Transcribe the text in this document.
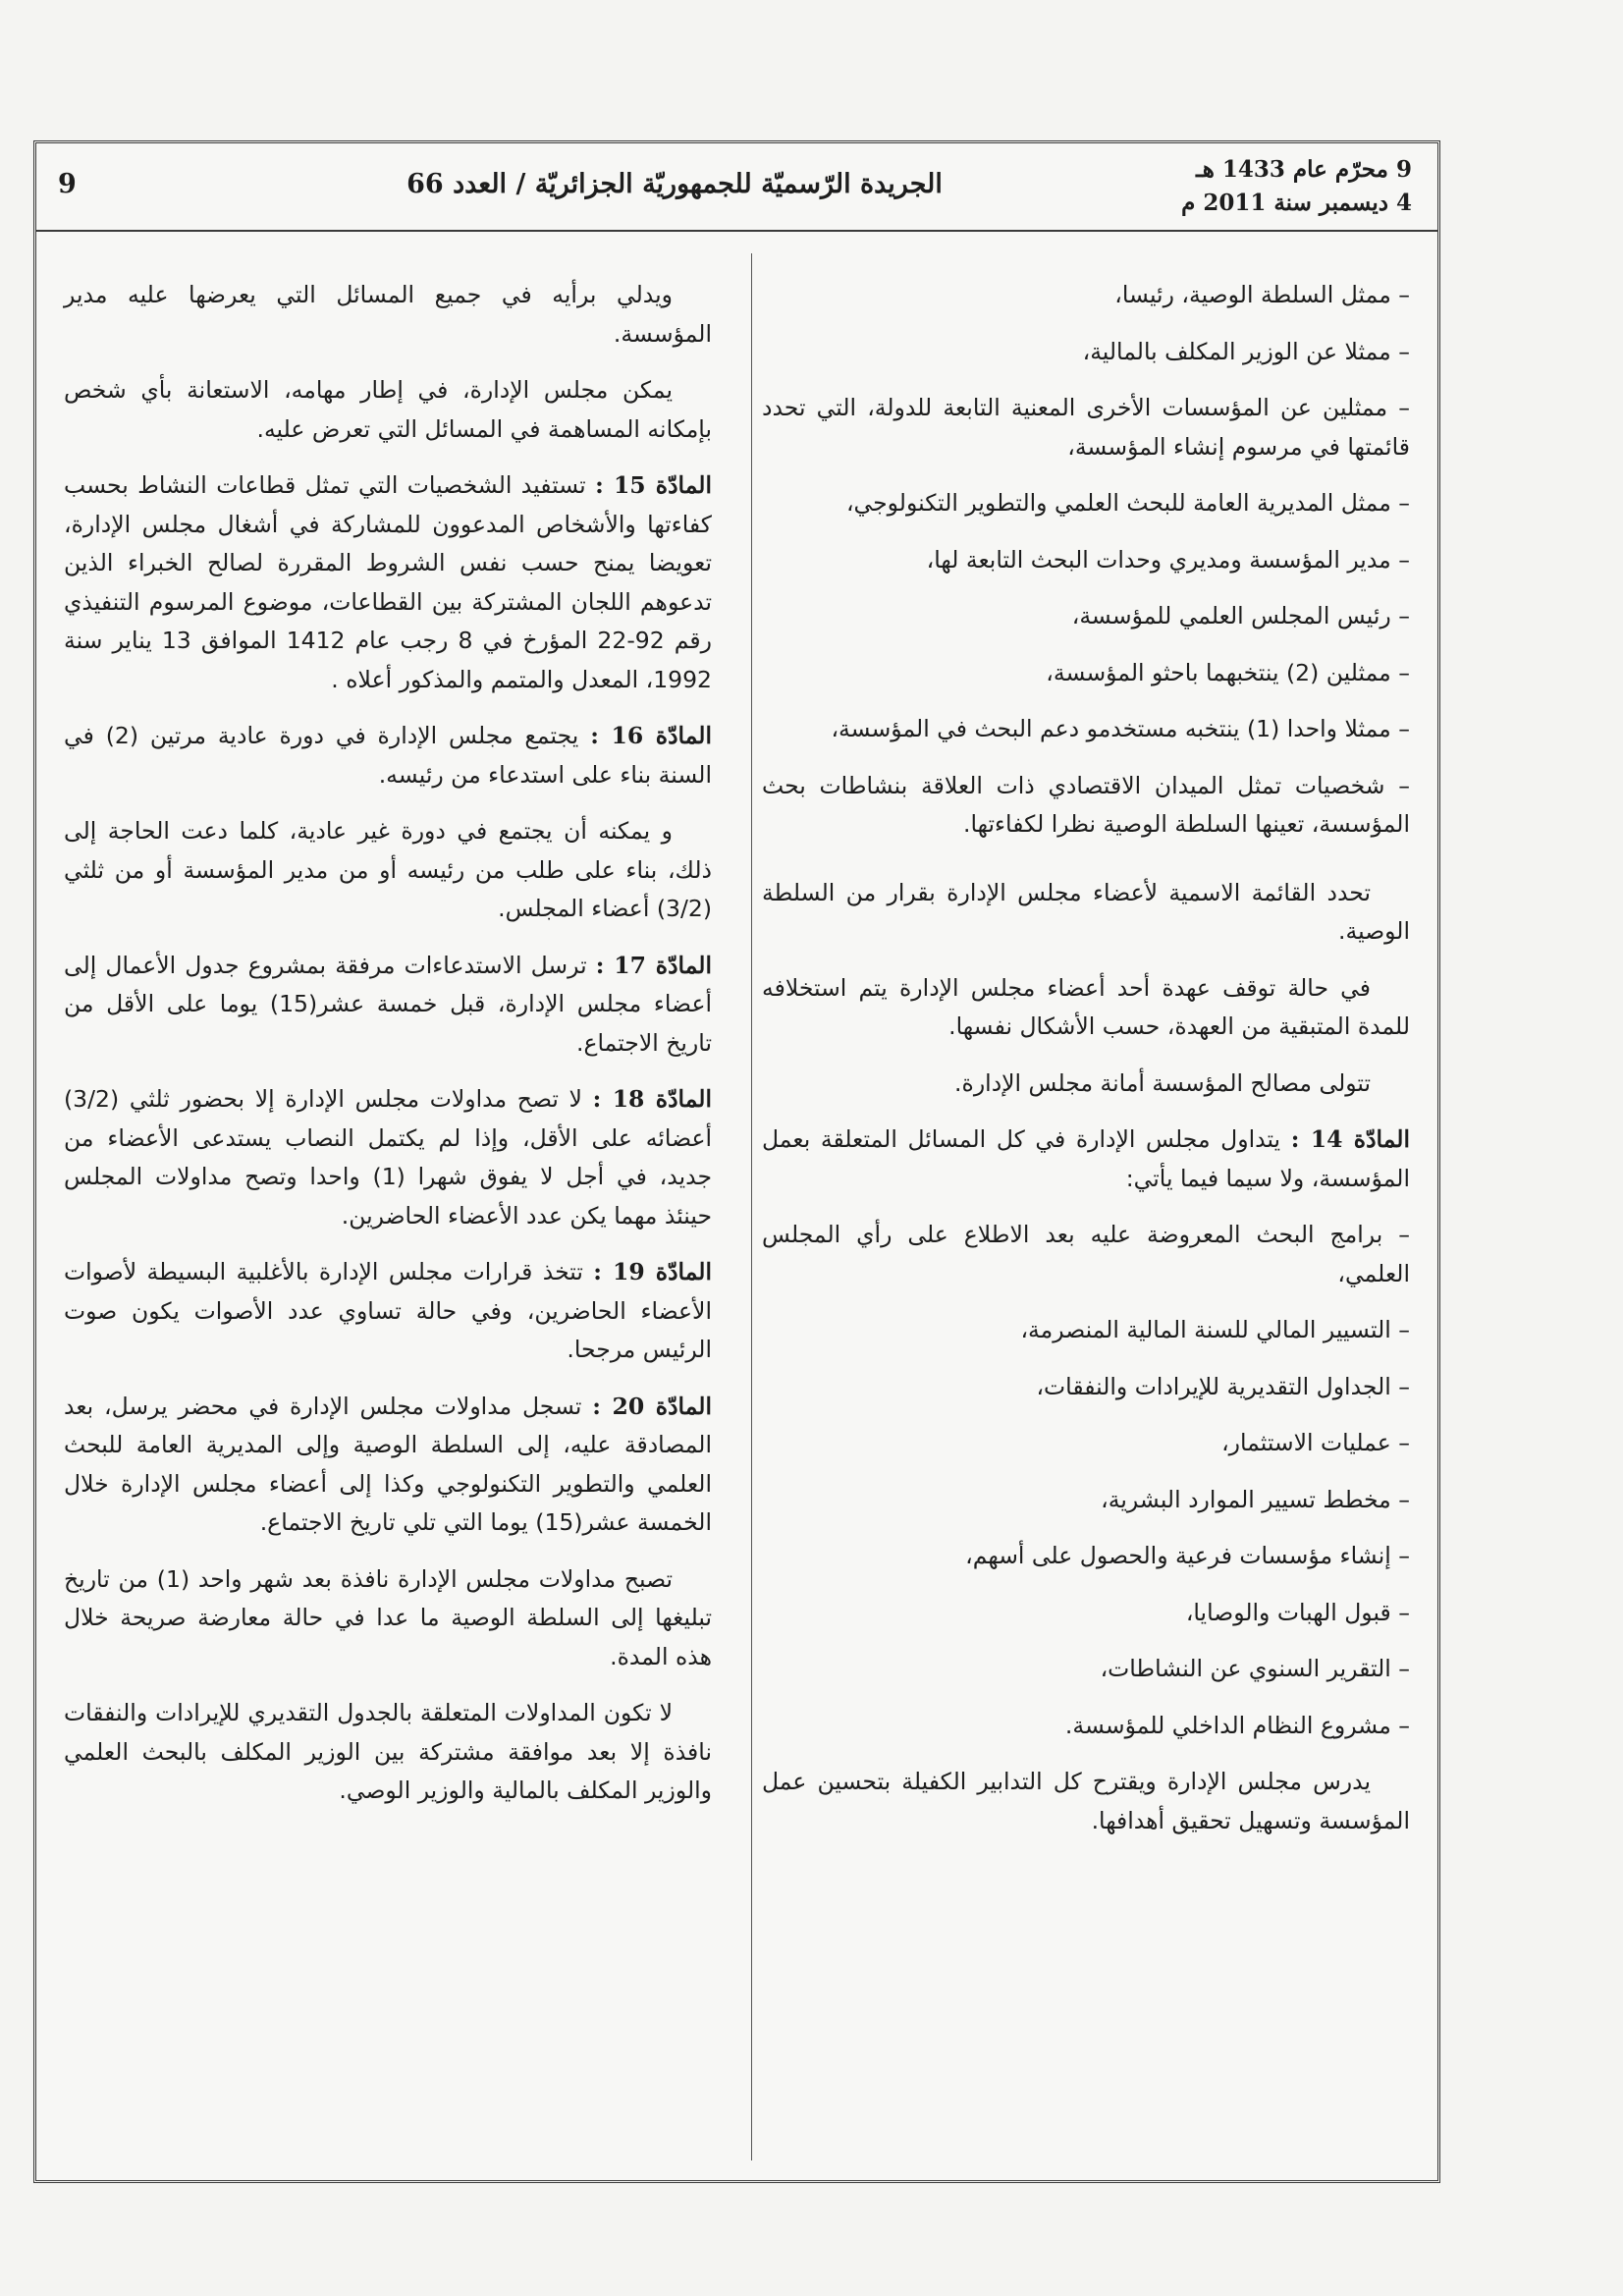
9 محرّم عام 1433 هـ
4 ديسمبر سنة 2011 م
الجريدة الرّسميّة للجمهوريّة الجزائريّة / العدد 66
9

– ممثل السلطة الوصية، رئيسا،

– ممثلا عن الوزير المكلف بالمالية،

– ممثلين عن المؤسسات الأخرى المعنية التابعة للدولة، التي تحدد قائمتها في مرسوم إنشاء المؤسسة،

– ممثل المديرية العامة للبحث العلمي والتطوير التكنولوجي،

– مدير المؤسسة ومديري وحدات البحث التابعة لها،

– رئيس المجلس العلمي للمؤسسة،

– ممثلين (2) ينتخبهما باحثو المؤسسة،

– ممثلا واحدا (1) ينتخبه مستخدمو دعم البحث في المؤسسة،

– شخصيات تمثل الميدان الاقتصادي ذات العلاقة بنشاطات بحث المؤسسة، تعينها السلطة الوصية نظرا لكفاءتها.

تحدد القائمة الاسمية لأعضاء مجلس الإدارة بقرار من السلطة الوصية.

في حالة توقف عهدة أحد أعضاء مجلس الإدارة يتم استخلافه للمدة المتبقية من العهدة، حسب الأشكال نفسها.

تتولى مصالح المؤسسة أمانة مجلس الإدارة.

المادّة 14 : يتداول مجلس الإدارة في كل المسائل المتعلقة بعمل المؤسسة، ولا سيما فيما يأتي:

– برامج البحث المعروضة عليه بعد الاطلاع على رأي المجلس العلمي،

– التسيير المالي للسنة المالية المنصرمة،

– الجداول التقديرية للإيرادات والنفقات،

– عمليات الاستثمار،

– مخطط تسيير الموارد البشرية،

– إنشاء مؤسسات فرعية والحصول على أسهم،

– قبول الهبات والوصايا،

– التقرير السنوي عن النشاطات،

– مشروع النظام الداخلي للمؤسسة.

يدرس مجلس الإدارة ويقترح كل التدابير الكفيلة بتحسين عمل المؤسسة وتسهيل تحقيق أهدافها.

ويدلي برأيه في جميع المسائل التي يعرضها عليه مدير المؤسسة.

يمكن مجلس الإدارة، في إطار مهامه، الاستعانة بأي شخص بإمكانه المساهمة في المسائل التي تعرض عليه.

المادّة 15 : تستفيد الشخصيات التي تمثل قطاعات النشاط بحسب كفاءتها والأشخاص المدعوون للمشاركة في أشغال مجلس الإدارة، تعويضا يمنح حسب نفس الشروط المقررة لصالح الخبراء الذين تدعوهم اللجان المشتركة بين القطاعات، موضوع المرسوم التنفيذي رقم 92-22 المؤرخ في 8 رجب عام 1412 الموافق 13 يناير سنة 1992، المعدل والمتمم والمذكور أعلاه .

المادّة 16 : يجتمع مجلس الإدارة في دورة عادية مرتين (2) في السنة بناء على استدعاء من رئيسه.

و يمكنه أن يجتمع في دورة غير عادية، كلما دعت الحاجة إلى ذلك، بناء على طلب من رئيسه أو من مدير المؤسسة أو من ثلثي (3/2) أعضاء المجلس.

المادّة 17 : ترسل الاستدعاءات مرفقة بمشروع جدول الأعمال إلى أعضاء مجلس الإدارة، قبل خمسة عشر(15) يوما على الأقل من تاريخ الاجتماع.

المادّة 18 : لا تصح مداولات مجلس الإدارة إلا بحضور ثلثي (3/2) أعضائه على الأقل، وإذا لم يكتمل النصاب يستدعى الأعضاء من جديد، في أجل لا يفوق شهرا (1) واحدا وتصح مداولات المجلس حينئذ مهما يكن عدد الأعضاء الحاضرين.

المادّة 19 : تتخذ قرارات مجلس الإدارة بالأغلبية البسيطة لأصوات الأعضاء الحاضرين، وفي حالة تساوي عدد الأصوات يكون صوت الرئيس مرجحا.

المادّة 20 : تسجل مداولات مجلس الإدارة في محضر يرسل، بعد المصادقة عليه، إلى السلطة الوصية وإلى المديرية العامة للبحث العلمي والتطوير التكنولوجي وكذا إلى أعضاء مجلس الإدارة خلال الخمسة عشر(15) يوما التي تلي تاريخ الاجتماع.

تصبح مداولات مجلس الإدارة نافذة بعد شهر واحد (1) من تاريخ تبليغها إلى السلطة الوصية ما عدا في حالة معارضة صريحة خلال هذه المدة.

لا تكون المداولات المتعلقة بالجدول التقديري للإيرادات والنفقات نافذة إلا بعد موافقة مشتركة بين الوزير المكلف بالبحث العلمي والوزير المكلف بالمالية والوزير الوصي.
